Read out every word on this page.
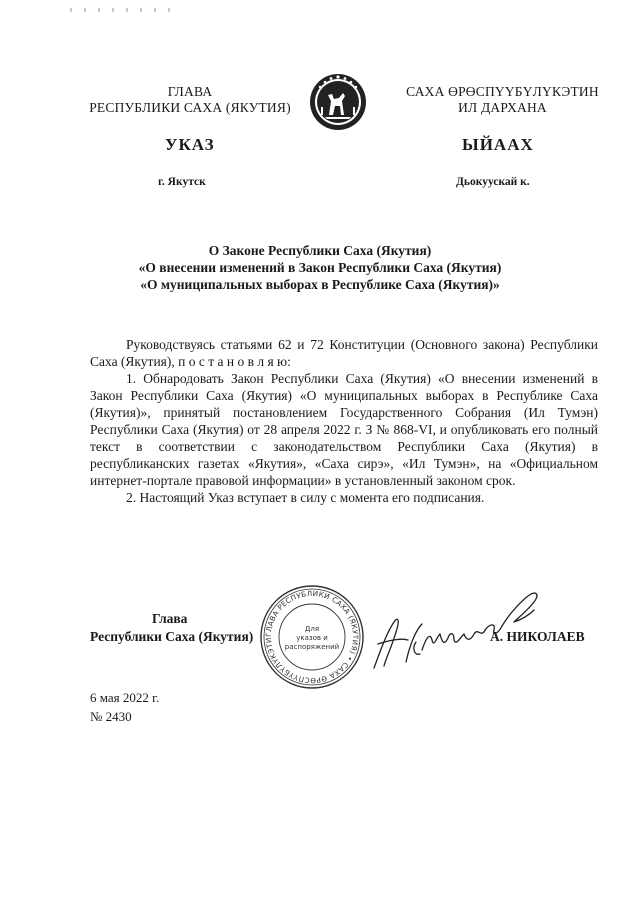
ГЛАВА
РЕСПУБЛИКИ САХА (ЯКУТИЯ)
САХА ӨРӨСПҮҮБҮЛҮКЭТИН
ИЛ ДАРХАНА
УКАЗ	ЫЙААХ
г. Якутск	Дьокуускай к.
О Законе Республики Саха (Якутия)
«О внесении изменений в Закон Республики Саха (Якутия)
«О муниципальных выборах в Республике Саха (Якутия)»

Руководствуясь статьями 62 и 72 Конституции (Основного закона) Республики Саха (Якутия), п о с т а н о в л я ю:

1. Обнародовать Закон Республики Саха (Якутия) «О внесении изменений в Закон Республики Саха (Якутия) «О муниципальных выборах в Республике Саха (Якутия)», принятый постановлением Государственного Собрания (Ил Тумэн) Республики Саха (Якутия) от 28 апреля 2022 г. З № 868-VI, и опубликовать его полный текст в соответствии с законодательством Республики Саха (Якутия) в республиканских газетах «Якутия», «Саха сирэ», «Ил Тумэн», на «Официальном интернет-портале правовой информации» в установленный законом срок.

2. Настоящий Указ вступает в силу с момента его подписания.

Глава
Республики Саха (Якутия)	А. НИКОЛАЕВ
ГЛАВА РЕСПУБЛИКИ САХА (ЯКУТИЯ) • САХА ӨРӨСПҮҮБҮЛҮКЭТИ
Для
указов и
распоряжений
6 мая 2022 г.
№ 2430
